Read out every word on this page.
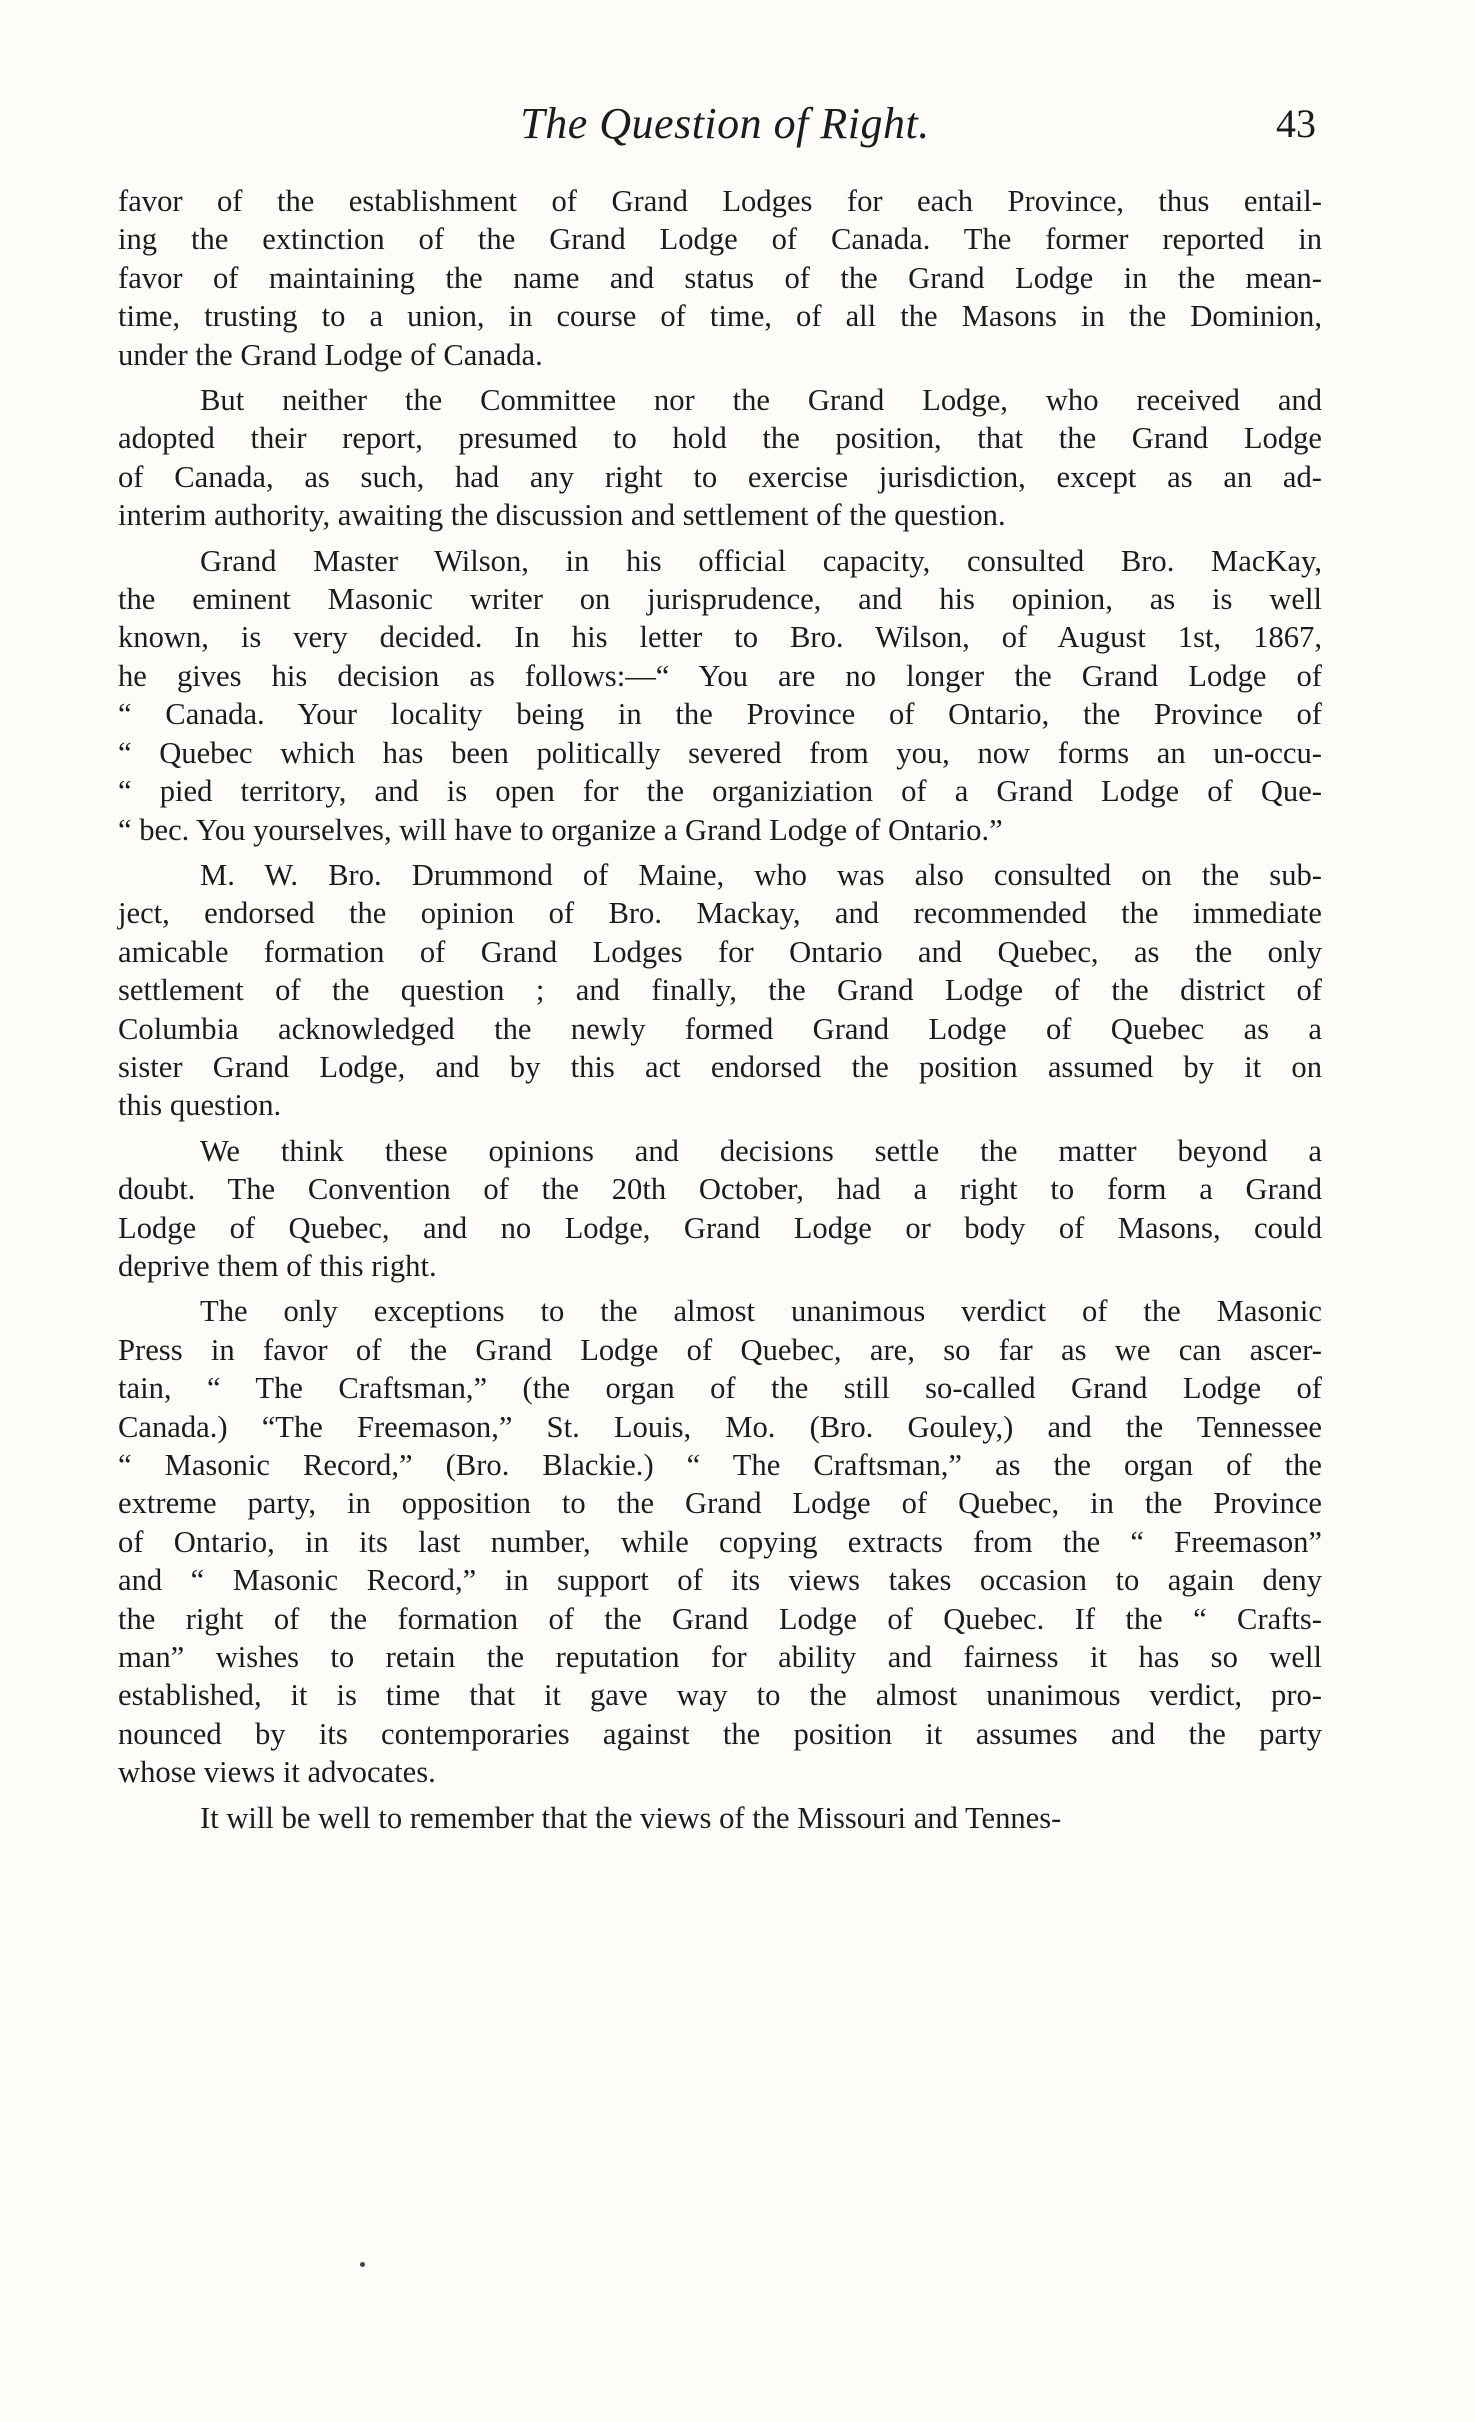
The Question of Right.	43

favor of the establishment of Grand Lodges for each Province, thus entail-
ing the extinction of the Grand Lodge of Canada. The former reported in
favor of maintaining the name and status of the Grand Lodge in the mean-
time, trusting to a union, in course of time, of all the Masons in the Dominion,
under the Grand Lodge of Canada.

But neither the Committee nor the Grand Lodge, who received and
adopted their report, presumed to hold the position, that the Grand Lodge
of Canada, as such, had any right to exercise jurisdiction, except as an ad-
interim authority, awaiting the discussion and settlement of the question.

Grand Master Wilson, in his official capacity, consulted Bro. MacKay,
the eminent Masonic writer on jurisprudence, and his opinion, as is well
known, is very decided. In his letter to Bro. Wilson, of August 1st, 1867,
he gives his decision as follows:—“ You are no longer the Grand Lodge of
“ Canada. Your locality being in the Province of Ontario, the Province of
“ Quebec which has been politically severed from you, now forms an un-occu-
“ pied territory, and is open for the organiziation of a Grand Lodge of Que-
“ bec. You yourselves, will have to organize a Grand Lodge of Ontario.”

M. W. Bro. Drummond of Maine, who was also consulted on the sub-
ject, endorsed the opinion of Bro. Mackay, and recommended the immediate
amicable formation of Grand Lodges for Ontario and Quebec, as the only
settlement of the question ; and finally, the Grand Lodge of the district of
Columbia acknowledged the newly formed Grand Lodge of Quebec as a
sister Grand Lodge, and by this act endorsed the position assumed by it on
this question.

We think these opinions and decisions settle the matter beyond a
doubt. The Convention of the 20th October, had a right to form a Grand
Lodge of Quebec, and no Lodge, Grand Lodge or body of Masons, could
deprive them of this right.

The only exceptions to the almost unanimous verdict of the Masonic
Press in favor of the Grand Lodge of Quebec, are, so far as we can ascer-
tain, “ The Craftsman,” (the organ of the still so-called Grand Lodge of
Canada.) “The Freemason,” St. Louis, Mo. (Bro. Gouley,) and the Tennessee
“ Masonic Record,” (Bro. Blackie.) “ The Craftsman,” as the organ of the
extreme party, in opposition to the Grand Lodge of Quebec, in the Province
of Ontario, in its last number, while copying extracts from the “ Freemason”
and “ Masonic Record,” in support of its views takes occasion to again deny
the right of the formation of the Grand Lodge of Quebec. If the “ Crafts-
man” wishes to retain the reputation for ability and fairness it has so well
established, it is time that it gave way to the almost unanimous verdict, pro-
nounced by its contemporaries against the position it assumes and the party
whose views it advocates.

It will be well to remember that the views of the Missouri and Tennes-
